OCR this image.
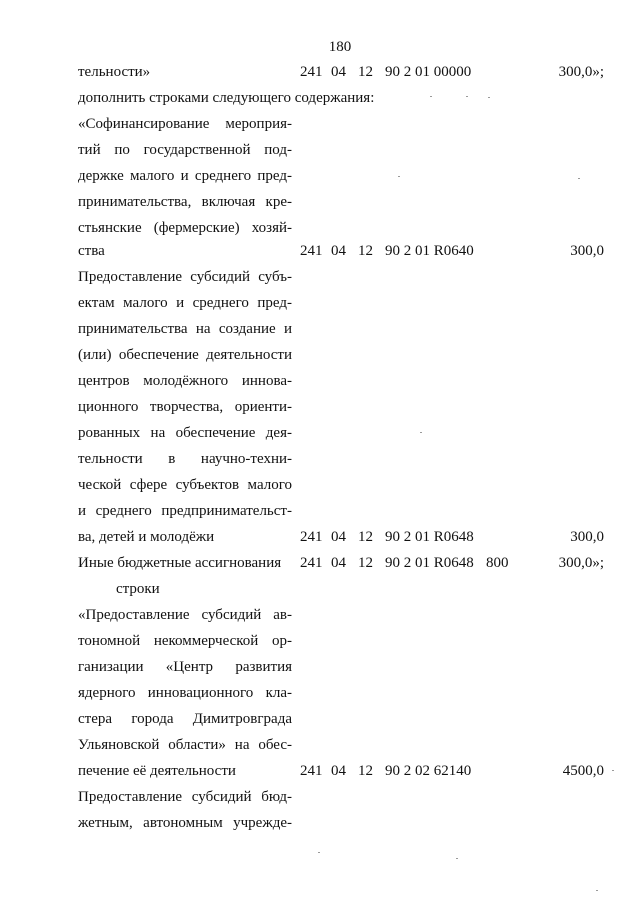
180

тельности»	241 04 12 90 2 01 00000	300,0»;

дополнить строками следующего содержания:

«Софинансирование мероприя-

тий по государственной под-

держке малого и среднего пред-

принимательства, включая кре-

стьянские (фермерские) хозяй-

ства	241 04 12 90 2 01 R0640	300,0

Предоставление субсидий субъ-

ектам малого и среднего пред-

принимательства на создание и

(или) обеспечение деятельности

центров молодёжного иннова-

ционного творчества, ориенти-

рованных на обеспечение дея-

тельности в научно-техни-

ческой сфере субъектов малого

и среднего предпринимательст-

ва, детей и молодёжи	241 04 12 90 2 01 R0648	300,0

Иные бюджетные ассигнования 241 04 12 90 2 01 R0648 800	300,0»;

строки

«Предоставление субсидий ав-

тономной некоммерческой ор-

ганизации «Центр развития

ядерного инновационного кла-

стера города Димитровграда

Ульяновской области» на обес-

печение её деятельности	241 04 12 90 2 02 62140	4500,0

Предоставление субсидий бюд-

жетным, автономным учрежде-
